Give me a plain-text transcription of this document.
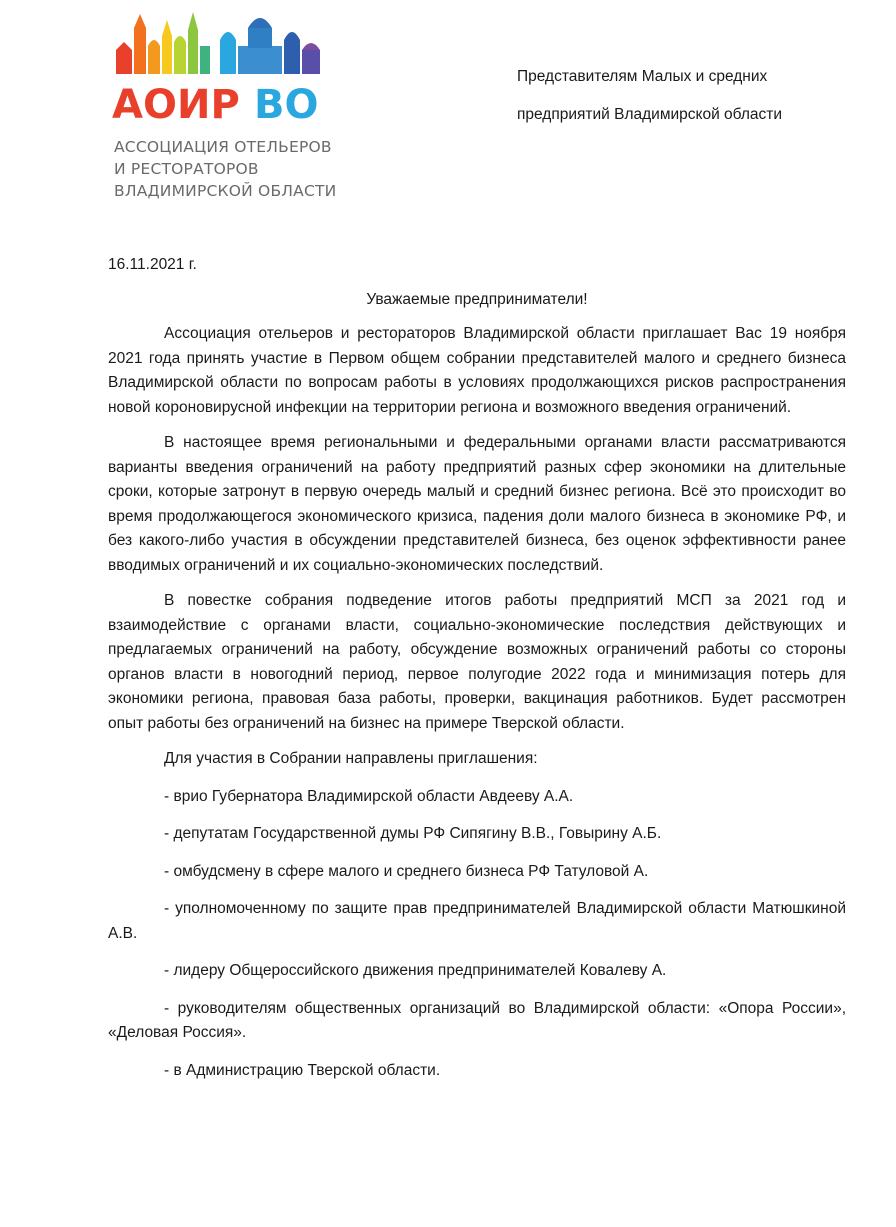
АОИР ВО
АССОЦИАЦИЯ ОТЕЛЬЕРОВ
И РЕСТОРАТОРОВ
ВЛАДИМИРСКОЙ ОБЛАСТИ
Представителям Малых и средних
предприятий Владимирской области
16.11.2021 г.
Уважаемые предприниматели!

Ассоциация отельеров и рестораторов Владимирской области приглашает Вас 19 ноября 2021 года принять участие в Первом общем собрании представителей малого и среднего бизнеса Владимирской области по вопросам работы в условиях продолжающихся рисков распространения новой короновирусной инфекции на территории региона и возможного введения ограничений.

В настоящее время региональными и федеральными органами власти рассматриваются варианты введения ограничений на работу предприятий разных сфер экономики на длительные сроки, которые затронут в первую очередь малый и средний бизнес региона. Всё это происходит во время продолжающегося экономического кризиса, падения доли малого бизнеса в экономике РФ, и без какого-либо участия в обсуждении представителей бизнеса, без оценок эффективности ранее вводимых ограничений и их социально-экономических последствий.

В повестке собрания подведение итогов работы предприятий МСП за 2021 год и взаимодействие с органами власти, социально-экономические последствия действующих и предлагаемых ограничений на работу, обсуждение возможных ограничений работы со стороны органов власти в новогодний период, первое полугодие 2022 года и минимизация потерь для экономики региона, правовая база работы, проверки, вакцинация работников. Будет рассмотрен опыт работы без ограничений на бизнес на примере Тверской области.

Для участия в Собрании направлены приглашения:

- врио Губернатора Владимирской области Авдееву А.А.

- депутатам Государственной думы РФ Сипягину В.В., Говырину А.Б.

- омбудсмену в сфере малого и среднего бизнеса РФ Татуловой А.

- уполномоченному по защите прав предпринимателей Владимирской области Матюшкиной А.В.

- лидеру Общероссийского движения предпринимателей Ковалеву А.

- руководителям общественных организаций во Владимирской области: «Опора России», «Деловая Россия».

- в Администрацию Тверской области.
